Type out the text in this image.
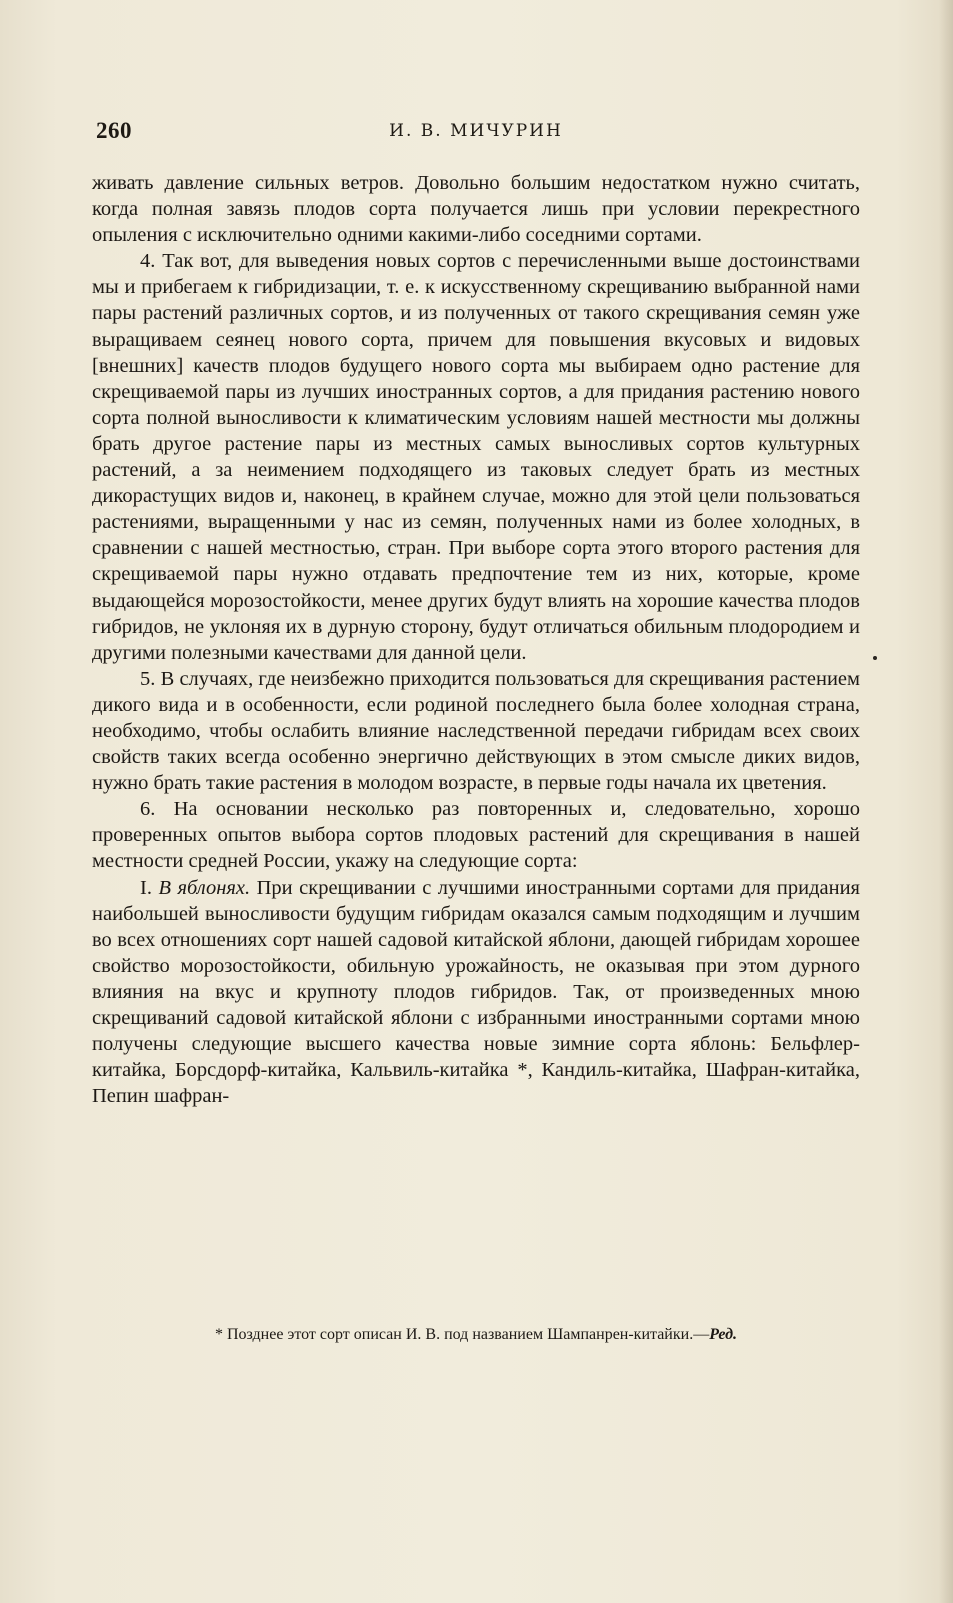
260	И. В. МИЧУРИН

живать давление сильных ветров. Довольно большим недостатком нужно считать, когда полная завязь плодов сорта получается лишь при условии перекрестного опыления с исключительно одними какими-либо соседними сортами.

4. Так вот, для выведения новых сортов с перечисленными выше достоинствами мы и прибегаем к гибридизации, т. е. к искусственному скрещиванию выбранной нами пары растений различных сортов, и из полученных от такого скрещивания семян уже выращиваем сеянец нового сорта, причем для повышения вкусовых и видовых [внешних] качеств плодов будущего нового сорта мы выбираем одно растение для скрещиваемой пары из лучших иностранных сортов, а для придания растению нового сорта полной выносливости к климатическим условиям нашей местности мы должны брать другое растение пары из местных самых выносливых сортов культурных растений, а за неимением подходящего из таковых следует брать из местных дикорастущих видов и, наконец, в крайнем случае, можно для этой цели пользоваться растениями, выращенными у нас из семян, полученных нами из более холодных, в сравнении с нашей местностью, стран. При выборе сорта этого второго растения для скрещиваемой пары нужно отдавать предпочтение тем из них, которые, кроме выдающейся морозостойкости, менее других будут влиять на хорошие качества плодов гибридов, не уклоняя их в дурную сторону, будут отличаться обильным плодородием и другими полезными качествами для данной цели.

5. В случаях, где неизбежно приходится пользоваться для скрещивания растением дикого вида и в особенности, если родиной последнего была более холодная страна, необходимо, чтобы ослабить влияние наследственной передачи гибридам всех своих свойств таких всегда особенно энергично действующих в этом смысле диких видов, нужно брать такие растения в молодом возрасте, в первые годы начала их цветения.

6. На основании несколько раз повторенных и, следовательно, хорошо проверенных опытов выбора сортов плодовых растений для скрещивания в нашей местности средней России, укажу на следующие сорта:

I. В яблонях. При скрещивании с лучшими иностранными сортами для придания наибольшей выносливости будущим гибридам оказался самым подходящим и лучшим во всех отношениях сорт нашей садовой китайской яблони, дающей гибридам хорошее свойство морозостойкости, обильную урожайность, не оказывая при этом дурного влияния на вкус и крупноту плодов гибридов. Так, от произведенных мною скрещиваний садовой китайской яблони с избранными иностранными сортами мною получены следующие высшего качества новые зимние сорта яблонь: Бельфлер-китайка, Борсдорф-китайка, Кальвиль-китайка *, Кандиль-китайка, Шафран-китайка, Пепин шафран-

* Позднее этот сорт описан И. В. под названием Шампанрен-китайки.—Ред.
